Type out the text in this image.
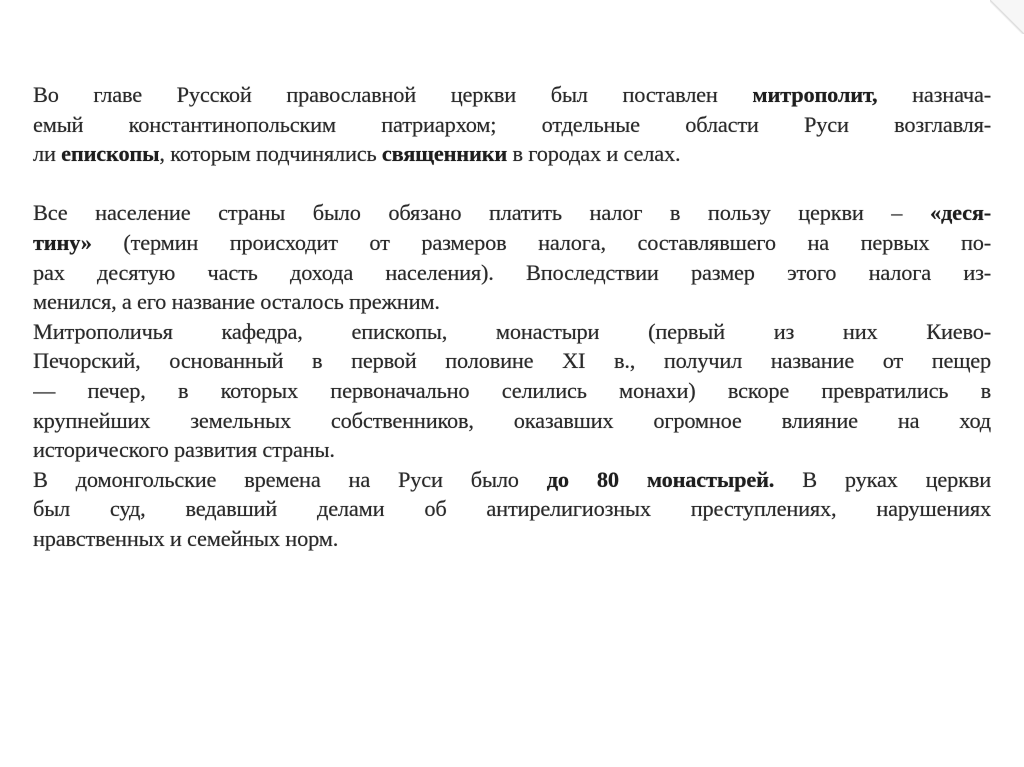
Во главе Русской православной церкви был поставлен митрополит, назнача-
емый константинопольским патриархом; отдельные области Руси возглавля-
ли епископы, которым подчинялись священники в городах и селах.
Все население страны было обязано платить налог в пользу церкви – «деся-
тину» (термин происходит от размеров налога, составлявшего на первых по-
рах десятую часть дохода населения). Впоследствии размер этого налога из-
менился, а его название осталось прежним.
Митрополичья кафедра, епископы, монастыри (первый из них Киево-
Печорский, основанный в первой половине XI в., получил название от пещер
— печер, в которых первоначально селились монахи) вскоре превратились в
крупнейших земельных собственников, оказавших огромное влияние на ход
исторического развития страны.
В домонгольские времена на Руси было до 80 монастырей. В руках церкви
был суд, ведавший делами об антирелигиозных преступлениях, нарушениях
нравственных и семейных норм.
